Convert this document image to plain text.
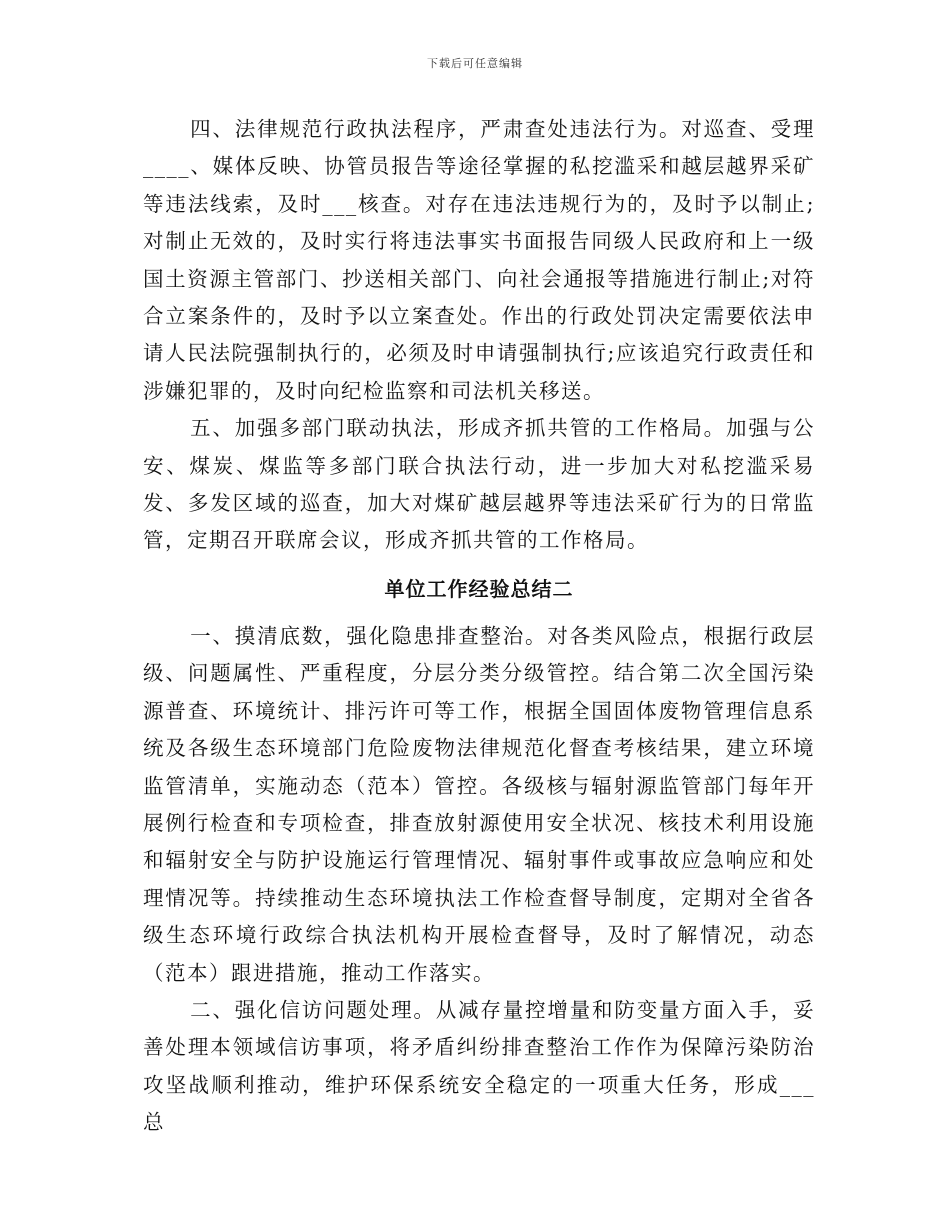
下载后可任意编辑

四、法律规范行政执法程序，严肃查处违法行为。对巡查、受理____、媒体反映、协管员报告等途径掌握的私挖滥采和越层越界采矿等违法线索，及时___核查。对存在违法违规行为的，及时予以制止;对制止无效的，及时实行将违法事实书面报告同级人民政府和上一级国土资源主管部门、抄送相关部门、向社会通报等措施进行制止;对符合立案条件的，及时予以立案查处。作出的行政处罚决定需要依法申请人民法院强制执行的，必须及时申请强制执行;应该追究行政责任和涉嫌犯罪的，及时向纪检监察和司法机关移送。

五、加强多部门联动执法，形成齐抓共管的工作格局。加强与公安、煤炭、煤监等多部门联合执法行动，进一步加大对私挖滥采易发、多发区域的巡查，加大对煤矿越层越界等违法采矿行为的日常监管，定期召开联席会议，形成齐抓共管的工作格局。

单位工作经验总结二

一、摸清底数，强化隐患排查整治。对各类风险点，根据行政层级、问题属性、严重程度，分层分类分级管控。结合第二次全国污染源普查、环境统计、排污许可等工作，根据全国固体废物管理信息系统及各级生态环境部门危险废物法律规范化督查考核结果，建立环境监管清单，实施动态（范本）管控。各级核与辐射源监管部门每年开展例行检查和专项检查，排查放射源使用安全状况、核技术利用设施和辐射安全与防护设施运行管理情况、辐射事件或事故应急响应和处理情况等。持续推动生态环境执法工作检查督导制度，定期对全省各级生态环境行政综合执法机构开展检查督导，及时了解情况，动态（范本）跟进措施，推动工作落实。

二、强化信访问题处理。从减存量控增量和防变量方面入手，妥善处理本领域信访事项，将矛盾纠纷排查整治工作作为保障污染防治攻坚战顺利推动，维护环保系统安全稳定的一项重大任务，形成___总
